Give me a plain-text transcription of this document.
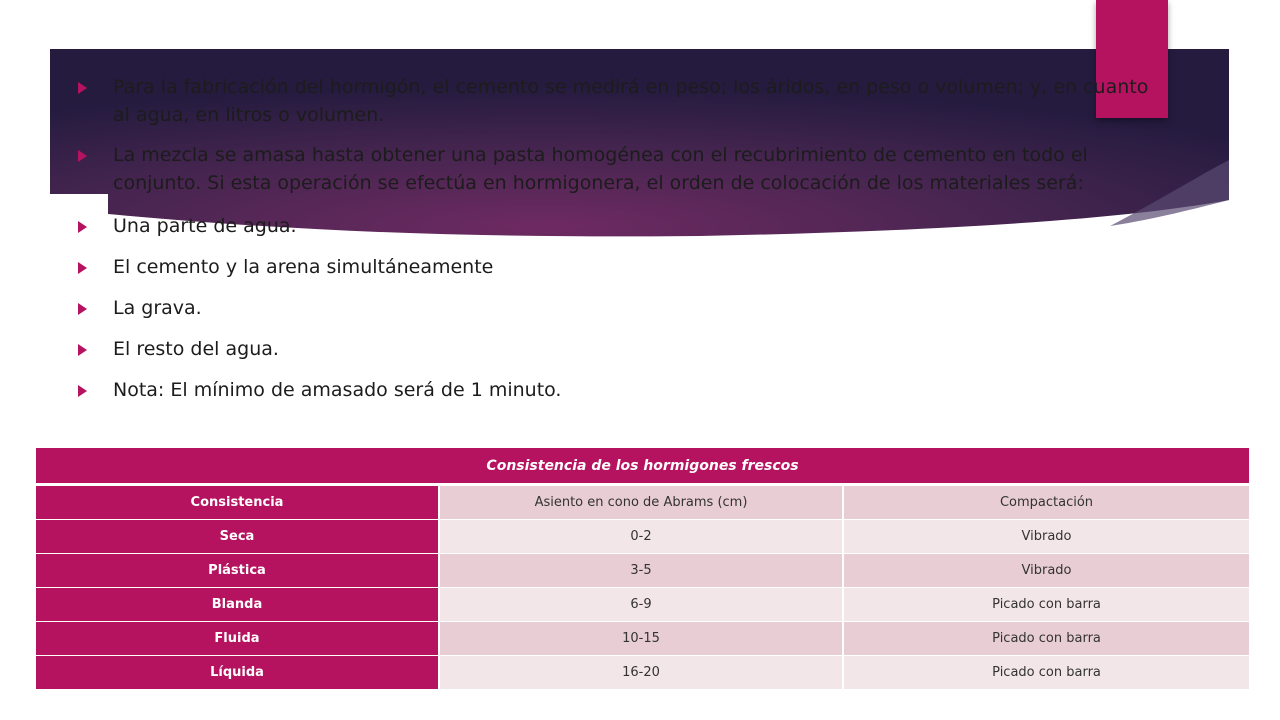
Para la fabricación del hormigón, el cemento se medirá en peso; los áridos, en peso o volumen; y, en cuanto al agua, en litros o volumen.
La mezcla se amasa hasta obtener una pasta homogénea con el recubrimiento de cemento en todo el conjunto. Si esta operación se efectúa en hormigonera, el orden de colocación de los materiales será:
Una parte de agua.
El cemento y la arena simultáneamente
La grava.
El resto del agua.
Nota: El mínimo de amasado será de 1 minuto.
Consistencia de los hormigones frescos		
Consistencia	Asiento en cono de Abrams (cm)	Compactación
Seca	0-2	Vibrado
Plástica	3-5	Vibrado
Blanda	6-9	Picado con barra
Fluida	10-15	Picado con barra
Líquida	16-20	Picado con barra
